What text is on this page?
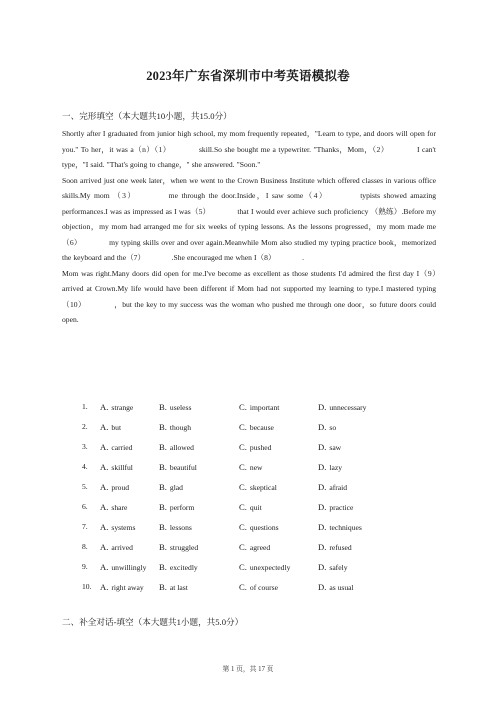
2023年广东省深圳市中考英语模拟卷
一、完形填空（本大题共10小题，共15.0分）

Shortly after I graduated from junior high school, my mom frequently repeated，"Learn to type, and doors will open for you." To her，it was a（n）（1）　　　　skill.So she bought me a typewriter. "Thanks，Mom，（2）　　　　I can't type，"I said. "That's going to change，" she answered. "Soon."

Soon arrived just one week later，when we went to the Crown Business Institute which offered classes in various office skills.My mom （3）　　　　me through the door.Inside，I saw some（4）　　　　typists showed amazing performances.I was as impressed as I was（5）　　　　that I would ever achieve such proficiency （熟练）.Before my objection，my mom had arranged me for six weeks of typing lessons. As the lessons progressed，my mom made me（6）　　　　my typing skills over and over again.Meanwhile Mom also studied my typing practice book，memorized the keyboard and the（7）　　　　.She encouraged me when I（8）　　　　.

Mom was right.Many doors did open for me.I've become as excellent as those students I'd admired the first day I（9）　　　　arrived at Crown.My life would have been different if Mom had not supported my learning to type.I mastered typing（10）　　　　，but the key to my success was the woman who pushed me through one door，so future doors could open.

1. A. strange	B. useless	C. important	D. unnecessary
2. A. but	B. though	C. because	D. so
3. A. carried	B. allowed	C. pushed	D. saw
4. A. skillful	B. beautiful	C. new	D. lazy
5. A. proud	B. glad	C. skeptical	D. afraid
6. A. share	B. perform	C. quit	D. practice
7. A. systems	B. lessons	C. questions	D. techniques
8. A. arrived	B. struggled	C. agreed	D. refused
9. A. unwillingly B. excitedly	C. unexpectedly	D. safely
10. A. right away B. at last	C. of course	D. as usual
二、补全对话-填空（本大题共1小题，共5.0分）
第 1 页，共 17 页
